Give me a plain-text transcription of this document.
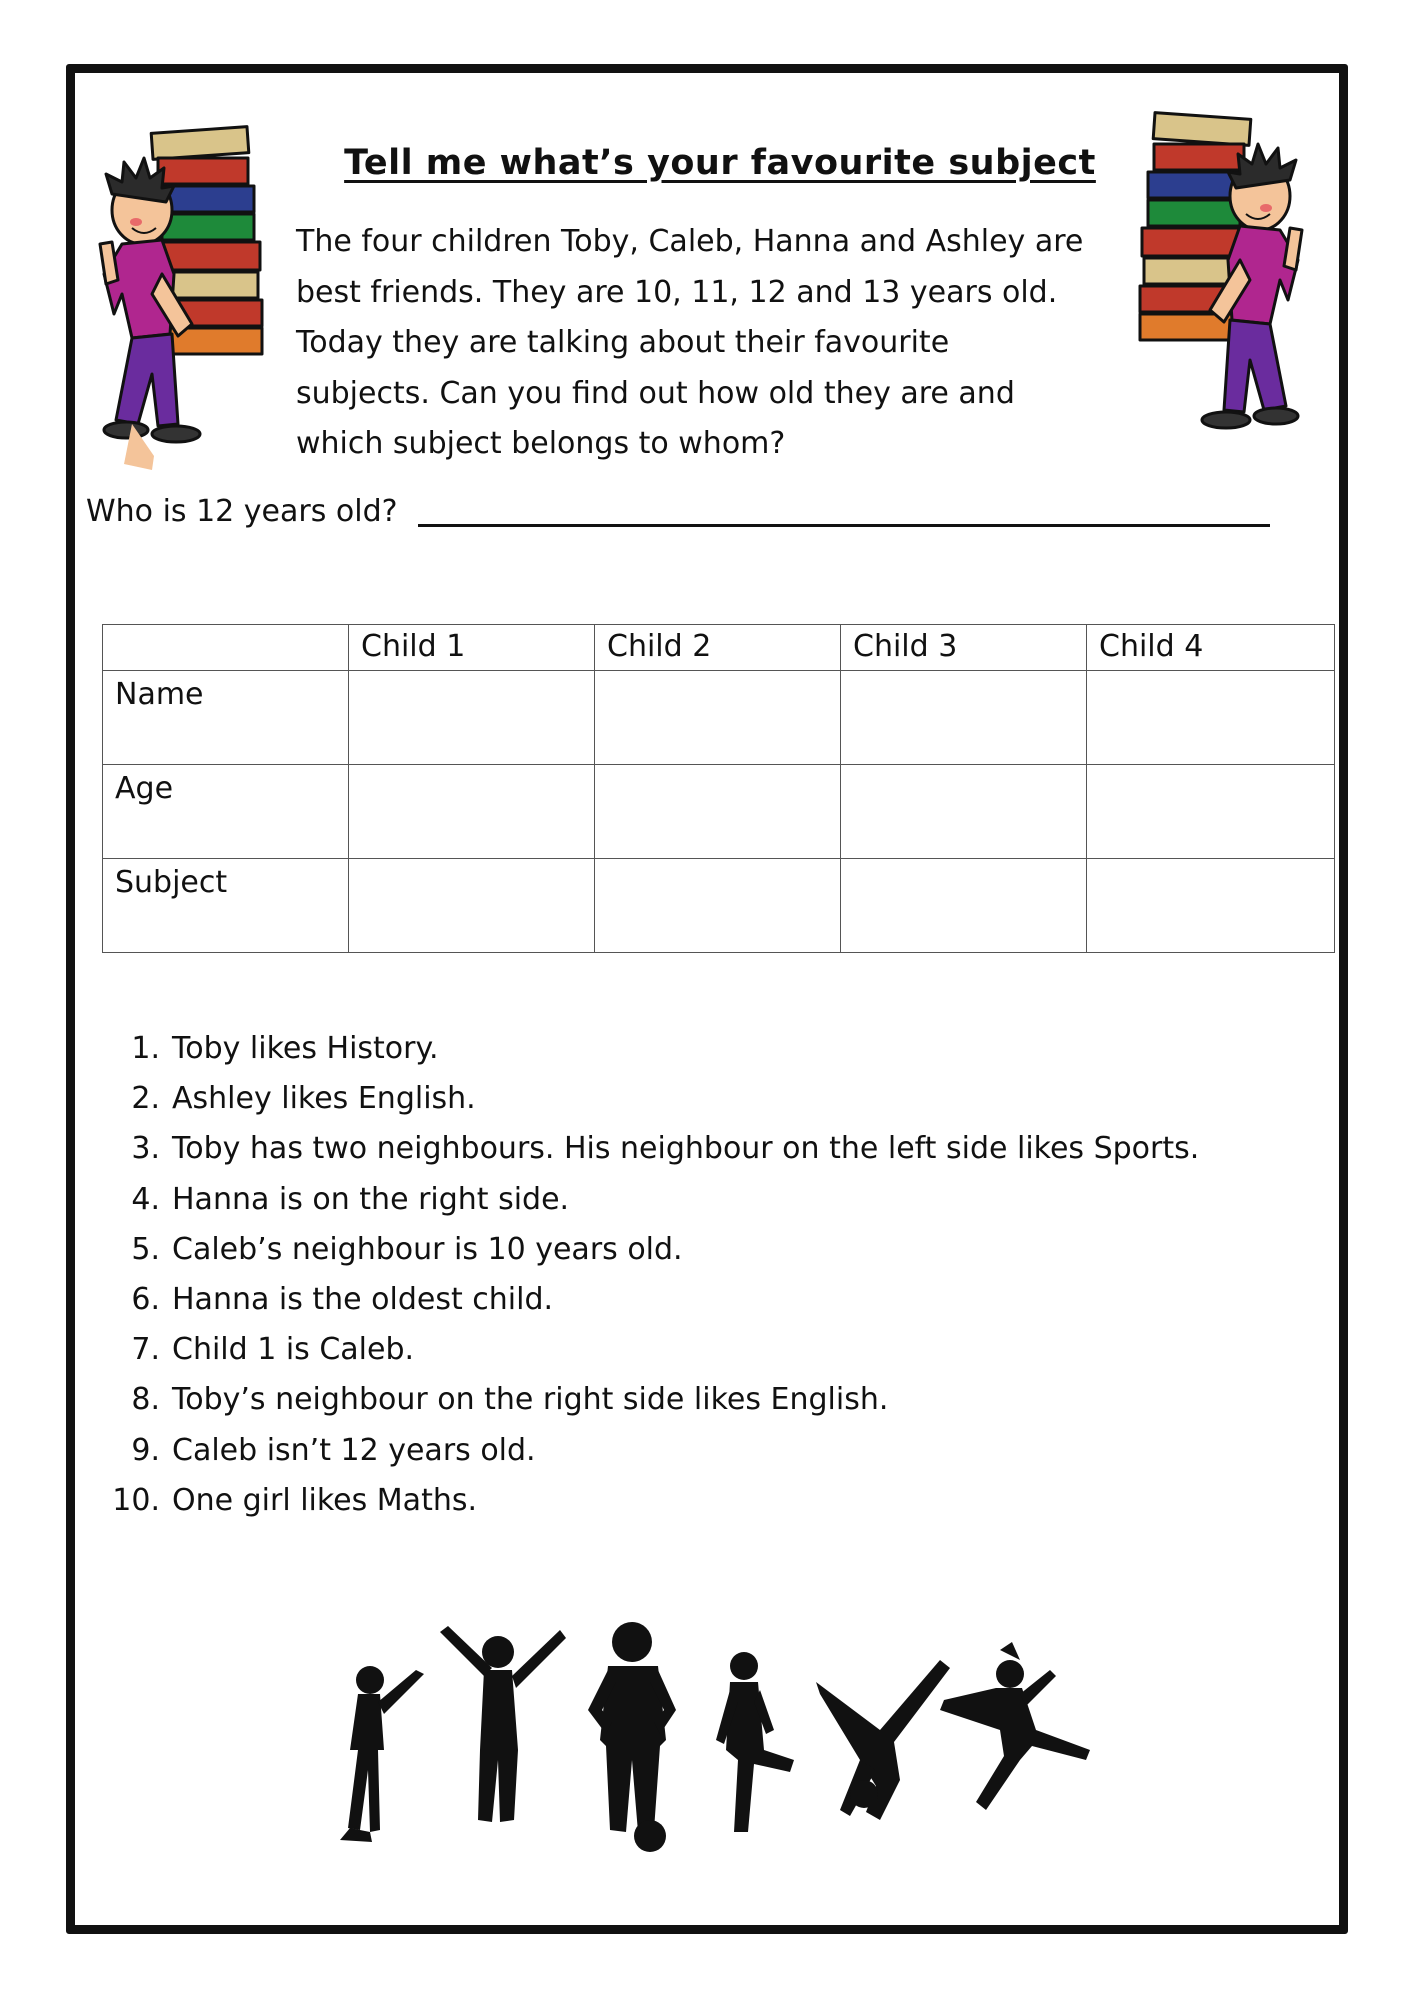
Tell me what’s your favourite subject

The four children Toby, Caleb, Hanna and Ashley are
best friends. They are 10, 11, 12 and 13 years old.
Today they are talking about their favourite
subjects. Can you find out how old they are and
which subject belongs to whom?

Who is 12 years old?
	Child 1	Child 2	Child 3	Child 4
Name				
Age				
Subject				
1. Toby likes History.
2. Ashley likes English.
3. Toby has two neighbours. His neighbour on the left side likes Sports.
4. Hanna is on the right side.
5. Caleb’s neighbour is 10 years old.
6. Hanna is the oldest child.
7. Child 1 is Caleb.
8. Toby’s neighbour on the right side likes English.
9. Caleb isn’t 12 years old.
10. One girl likes Maths.
